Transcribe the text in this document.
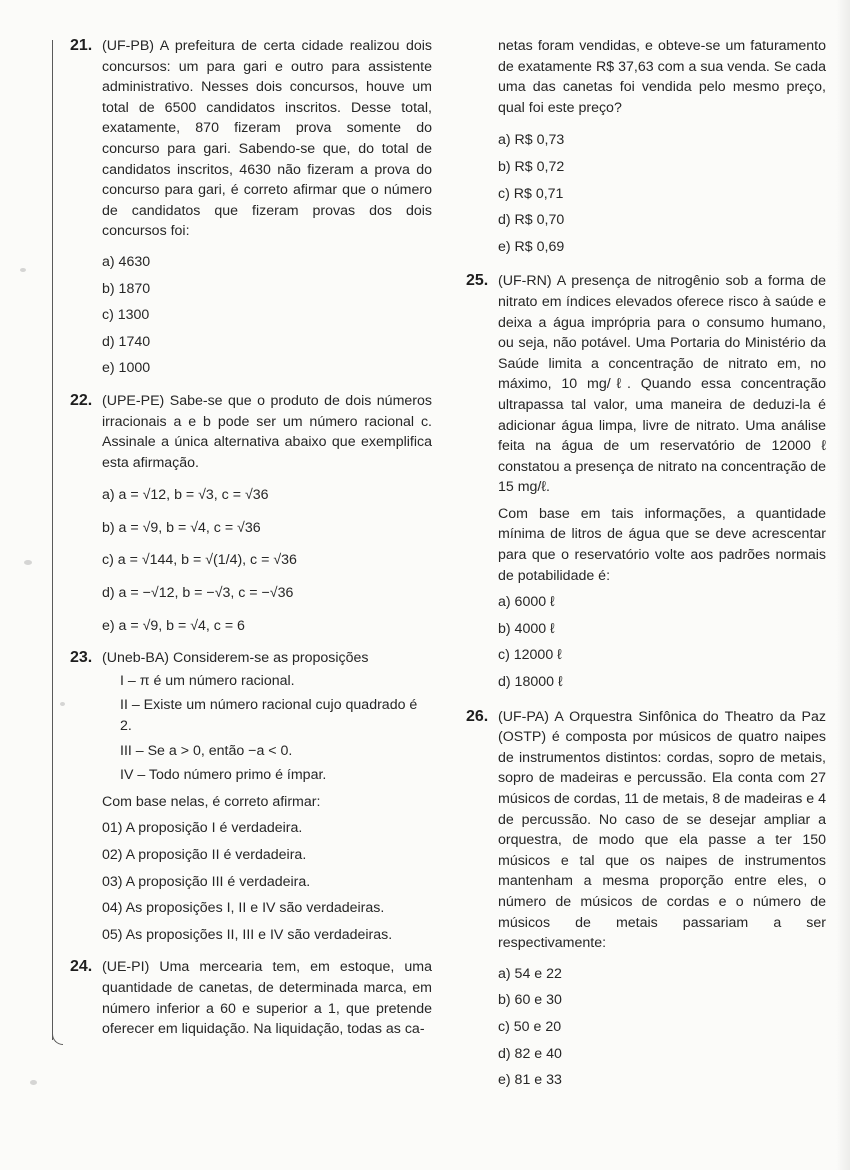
21. (UF-PB) A prefeitura de certa cidade realizou dois concursos: um para gari e outro para assistente administrativo. Nesses dois concursos, houve um total de 6500 candidatos inscritos. Desse total, exatamente, 870 fizeram prova somente do concurso para gari. Sabendo-se que, do total de candidatos inscritos, 4630 não fizeram a prova do concurso para gari, é correto afirmar que o número de candidatos que fizeram provas dos dois concursos foi:

a) 4630
b) 1870
c) 1300
d) 1740
e) 1000
22. (UPE-PE) Sabe-se que o produto de dois números irracionais a e b pode ser um número racional c. Assinale a única alternativa abaixo que exemplifica esta afirmação.

a) a = √12, b = √3, c = √36
b) a = √9, b = √4, c = √36
c) a = √144, b = √(1/4), c = √36
d) a = −√12, b = −√3, c = −√36
e) a = √9, b = √4, c = 6
23. (Uneb-BA) Considerem-se as proposições

I – π é um número racional.
II – Existe um número racional cujo quadrado é 2.
III – Se a > 0, então −a < 0.
IV – Todo número primo é ímpar.
Com base nelas, é correto afirmar:
01) A proposição I é verdadeira.
02) A proposição II é verdadeira.
03) A proposição III é verdadeira.
04) As proposições I, II e IV são verdadeiras.
05) As proposições II, III e IV são verdadeiras.
24. (UE-PI) Uma mercearia tem, em estoque, uma quantidade de canetas, de determinada marca, em número inferior a 60 e superior a 1, que pretende oferecer em liquidação. Na liquidação, todas as ca-

netas foram vendidas, e obteve-se um faturamento de exatamente R$ 37,63 com a sua venda. Se cada uma das canetas foi vendida pelo mesmo preço, qual foi este preço?

a) R$ 0,73
b) R$ 0,72
c) R$ 0,71
d) R$ 0,70
e) R$ 0,69
25. (UF-RN) A presença de nitrogênio sob a forma de nitrato em índices elevados oferece risco à saúde e deixa a água imprópria para o consumo humano, ou seja, não potável. Uma Portaria do Ministério da Saúde limita a concentração de nitrato em, no máximo, 10 mg/ℓ. Quando essa concentração ultrapassa tal valor, uma maneira de deduzi-la é adicionar água limpa, livre de nitrato. Uma análise feita na água de um reservatório de 12000 ℓ constatou a presença de nitrato na concentração de 15 mg/ℓ.

Com base em tais informações, a quantidade mínima de litros de água que se deve acrescentar para que o reservatório volte aos padrões normais de potabilidade é:
a) 6000 ℓ
b) 4000 ℓ
c) 12000 ℓ
d) 18000 ℓ
26. (UF-PA) A Orquestra Sinfônica do Theatro da Paz (OSTP) é composta por músicos de quatro naipes de instrumentos distintos: cordas, sopro de metais, sopro de madeiras e percussão. Ela conta com 27 músicos de cordas, 11 de metais, 8 de madeiras e 4 de percussão. No caso de se desejar ampliar a orquestra, de modo que ela passe a ter 150 músicos e tal que os naipes de instrumentos mantenham a mesma proporção entre eles, o número de músicos de cordas e o número de músicos de metais passariam a ser respectivamente:

a) 54 e 22
b) 60 e 30
c) 50 e 20
d) 82 e 40
e) 81 e 33
